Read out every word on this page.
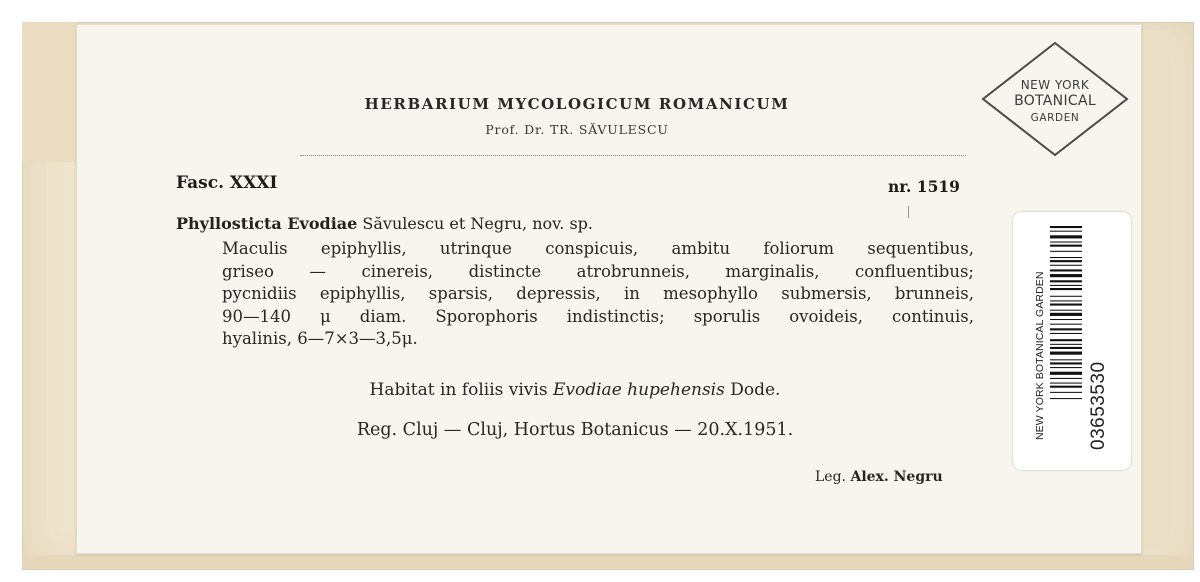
NEW YORK
BOTANICAL
GARDEN
HERBARIUM MYCOLOGICUM ROMANICUM
Prof. Dr. TR. SĂVULESCU
Fasc. XXXI	nr. 1519
Phyllosticta Evodiae Săvulescu et Negru, nov. sp.
Maculis epiphyllis, utrinque conspicuis, ambitu foliorum sequentibus,
griseo — cinereis, distincte atrobrunneis, marginalis, confluentibus;
pycnidiis epiphyllis, sparsis, depressis, in mesophyllo submersis, brunneis,
90—140 μ diam. Sporophoris indistinctis; sporulis ovoideis, continuis,
hyalinis, 6—7×3—3,5μ.
Habitat in foliis vivis Evodiae hupehensis Dode.
Reg. Cluj — Cluj, Hortus Botanicus — 20.X.1951.
Leg. Alex. Negru
NEW YORK BOTANICAL GARDEN 03653530
